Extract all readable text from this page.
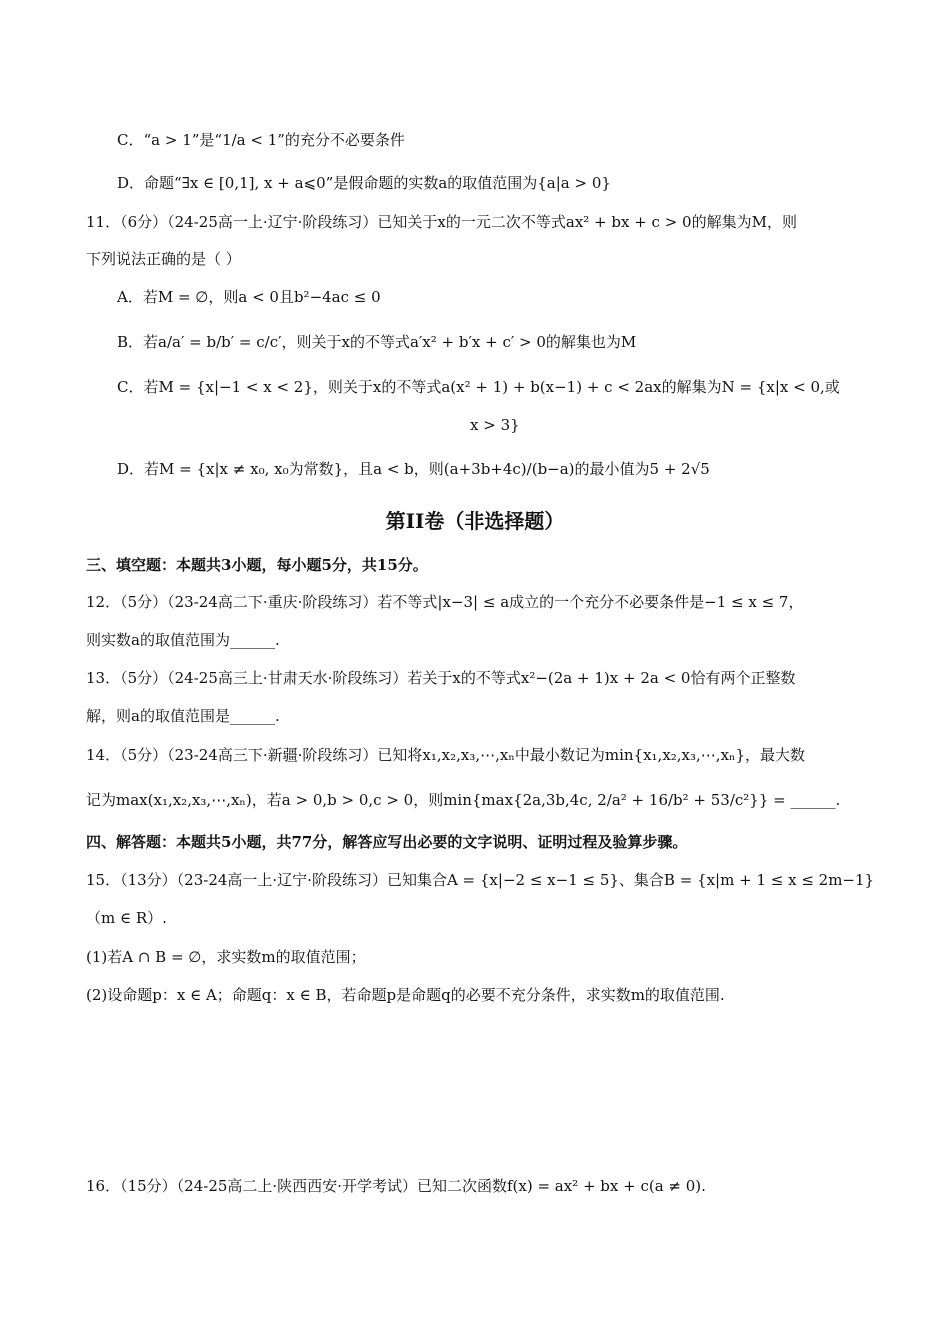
C．“a > 1”是“1/a < 1”的充分不必要条件
D．命题“∃x ∈ [0,1], x + a⩽0”是假命题的实数a的取值范围为{a|a > 0}
11．（6分）（24-25高一上·辽宁·阶段练习）已知关于x的一元二次不等式ax² + bx + c > 0的解集为M，则
下列说法正确的是（ ）
A．若M = ∅，则a < 0且b²−4ac ≤ 0
B．若a/a′ = b/b′ = c/c′，则关于x的不等式a′x² + b′x + c′ > 0的解集也为M
C．若M = {x|−1 < x < 2}，则关于x的不等式a(x² + 1) + b(x−1) + c < 2ax的解集为N = {x|x < 0,或
x > 3}
D．若M = {x|x ≠ x₀, x₀为常数}，且a < b，则(a+3b+4c)/(b−a)的最小值为5 + 2√5
第II卷（非选择题）
三、填空题：本题共3小题，每小题5分，共15分。
12．（5分）（23-24高二下·重庆·阶段练习）若不等式|x−3| ≤ a成立的一个充分不必要条件是−1 ≤ x ≤ 7，
则实数a的取值范围为______.
13．（5分）（24-25高三上·甘肃天水·阶段练习）若关于x的不等式x²−(2a + 1)x + 2a < 0恰有两个正整数
解，则a的取值范围是______.
14．（5分）（23-24高三下·新疆·阶段练习）已知将x₁,x₂,x₃,⋯,xₙ中最小数记为min{x₁,x₂,x₃,⋯,xₙ}，最大数
记为max(x₁,x₂,x₃,⋯,xₙ)，若a > 0,b > 0,c > 0，则min{max{2a,3b,4c, 2/a² + 16/b² + 53/c²}} = ______.
四、解答题：本题共5小题，共77分，解答应写出必要的文字说明、证明过程及验算步骤。
15．（13分）（23-24高一上·辽宁·阶段练习）已知集合A = {x|−2 ≤ x−1 ≤ 5}、集合B = {x|m + 1 ≤ x ≤ 2m−1}
（m ∈ R）.
(1)若A ∩ B = ∅，求实数m的取值范围；
(2)设命题p：x ∈ A；命题q：x ∈ B，若命题p是命题q的必要不充分条件，求实数m的取值范围.
16．（15分）（24-25高二上·陕西西安·开学考试）已知二次函数f(x) = ax² + bx + c(a ≠ 0).
